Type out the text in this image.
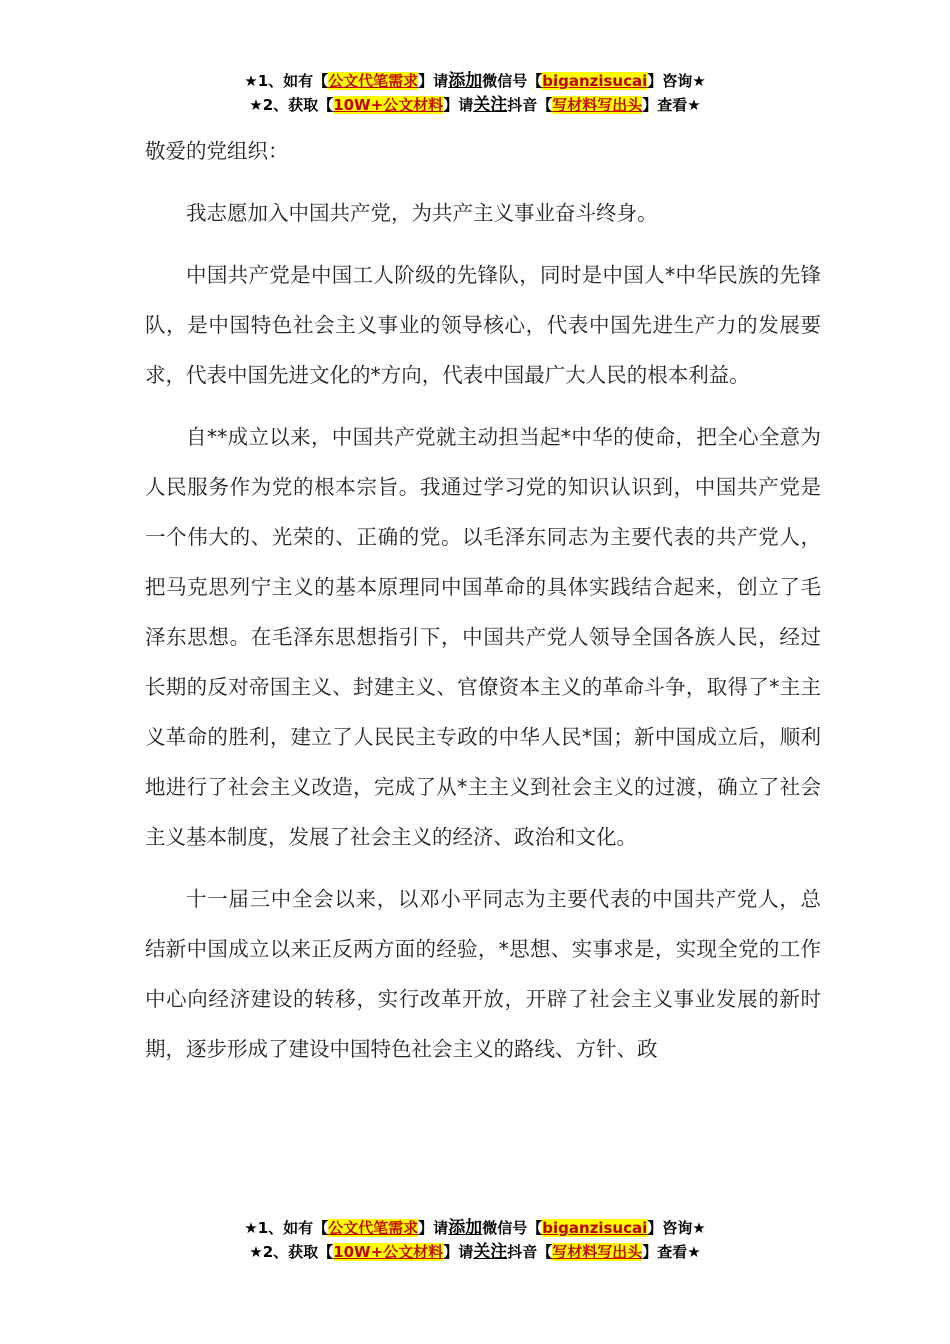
★1、如有【公文代笔需求】请添加微信号【biganzisucai】咨询★
★2、获取【10W+公文材料】请关注抖音【写材料写出头】查看★

敬爱的党组织：

我志愿加入中国共产党，为共产主义事业奋斗终身。

中国共产党是中国工人阶级的先锋队，同时是中国人*中华民族的先锋队，是中国特色社会主义事业的领导核心，代表中国先进生产力的发展要求，代表中国先进文化的*方向，代表中国最广大人民的根本利益。

自**成立以来，中国共产党就主动担当起*中华的使命，把全心全意为人民服务作为党的根本宗旨。我通过学习党的知识认识到，中国共产党是一个伟大的、光荣的、正确的党。以毛泽东同志为主要代表的共产党人，把马克思列宁主义的基本原理同中国革命的具体实践结合起来，创立了毛泽东思想。在毛泽东思想指引下，中国共产党人领导全国各族人民，经过长期的反对帝国主义、封建主义、官僚资本主义的革命斗争，取得了*主主义革命的胜利，建立了人民民主专政的中华人民*国；新中国成立后，顺利地进行了社会主义改造，完成了从*主主义到社会主义的过渡，确立了社会主义基本制度，发展了社会主义的经济、政治和文化。

十一届三中全会以来，以邓小平同志为主要代表的中国共产党人，总结新中国成立以来正反两方面的经验，*思想、实事求是，实现全党的工作中心向经济建设的转移，实行改革开放，开辟了社会主义事业发展的新时期，逐步形成了建设中国特色社会主义的路线、方针、政

★1、如有【公文代笔需求】请添加微信号【biganzisucai】咨询★
★2、获取【10W+公文材料】请关注抖音【写材料写出头】查看★
